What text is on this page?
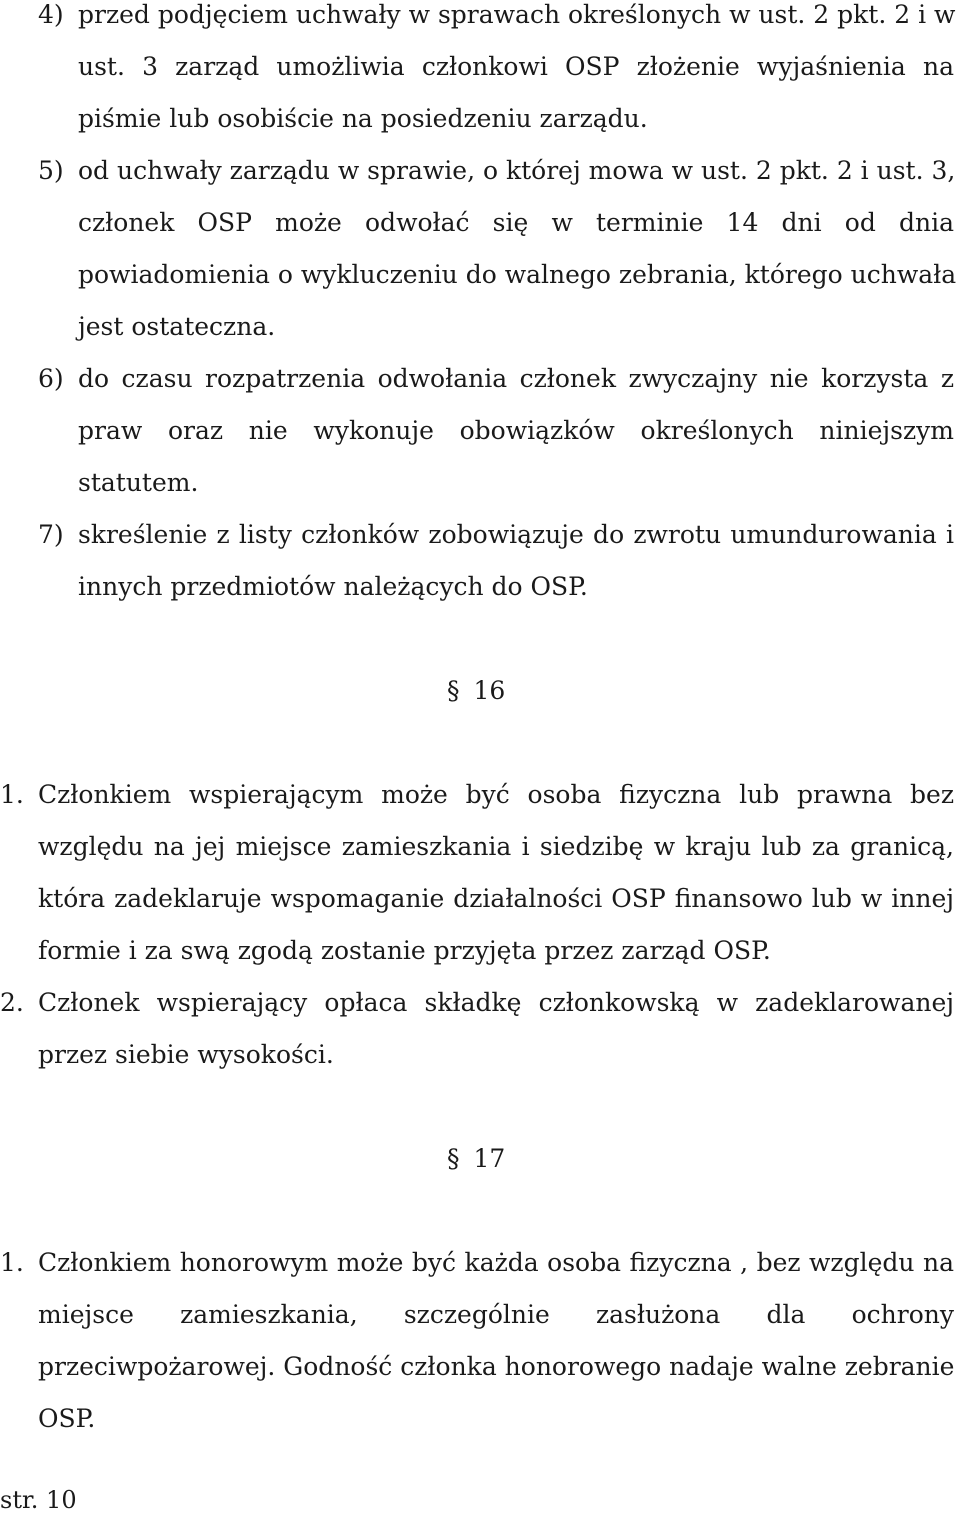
4) przed podjęciem uchwały w sprawach określonych w ust. 2 pkt. 2 i w
ust. 3 zarząd umożliwia członkowi OSP złożenie wyjaśnienia na
piśmie lub osobiście na posiedzeniu zarządu.
5) od uchwały zarządu w sprawie, o której mowa w ust. 2 pkt. 2 i ust. 3,
członek OSP może odwołać się w terminie 14 dni od dnia
powiadomienia o wykluczeniu do walnego zebrania, którego uchwała
jest ostateczna.
6) do czasu rozpatrzenia odwołania członek zwyczajny nie korzysta z
praw oraz nie wykonuje obowiązków określonych niniejszym
statutem.
7) skreślenie z listy członków zobowiązuje do zwrotu umundurowania i
innych przedmiotów należących do OSP.
§ 16
1. Członkiem wspierającym może być osoba fizyczna lub prawna bez
względu na jej miejsce zamieszkania i siedzibę w kraju lub za granicą,
która zadeklaruje wspomaganie działalności OSP finansowo lub w innej
formie i za swą zgodą zostanie przyjęta przez zarząd OSP.
2. Członek wspierający opłaca składkę członkowską w zadeklarowanej
przez siebie wysokości.
§ 17
1. Członkiem honorowym może być każda osoba fizyczna , bez względu na
miejsce zamieszkania, szczególnie zasłużona dla ochrony
przeciwpożarowej. Godność członka honorowego nadaje walne zebranie
OSP.
str. 10
